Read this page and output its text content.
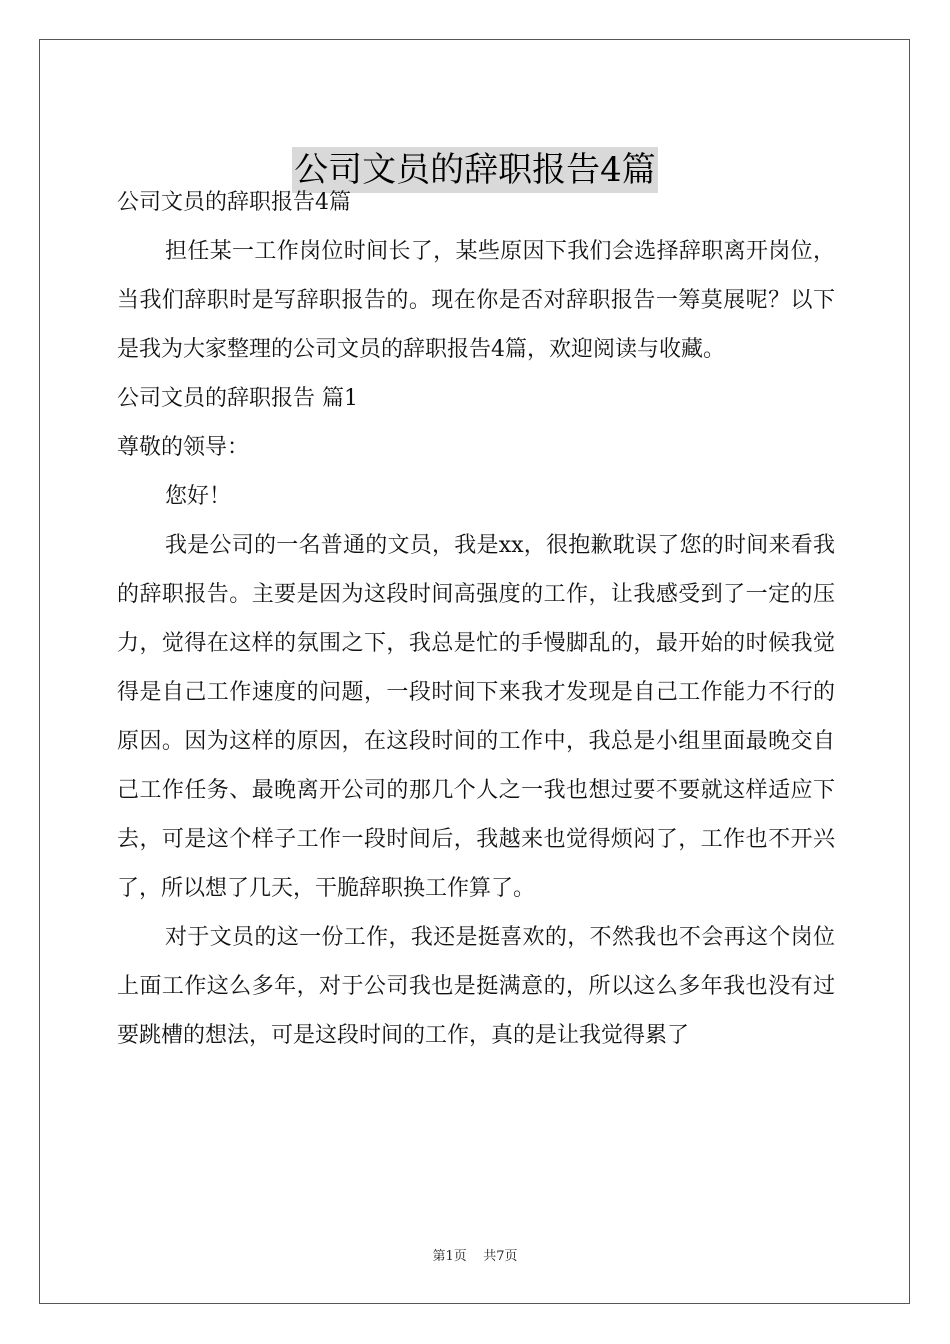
公司文员的辞职报告4篇

公司文员的辞职报告4篇

担任某一工作岗位时间长了，某些原因下我们会选择辞职离开岗位，当我们辞职时是写辞职报告的。现在你是否对辞职报告一筹莫展呢？以下是我为大家整理的公司文员的辞职报告4篇，欢迎阅读与收藏。

公司文员的辞职报告 篇1

尊敬的领导：

您好！

我是公司的一名普通的文员，我是xx，很抱歉耽误了您的时间来看我的辞职报告。主要是因为这段时间高强度的工作，让我感受到了一定的压力，觉得在这样的氛围之下，我总是忙的手慢脚乱的，最开始的时候我觉得是自己工作速度的问题，一段时间下来我才发现是自己工作能力不行的原因。因为这样的原因，在这段时间的工作中，我总是小组里面最晚交自己工作任务、最晚离开公司的那几个人之一我也想过要不要就这样适应下去，可是这个样子工作一段时间后，我越来也觉得烦闷了，工作也不开兴了，所以想了几天，干脆辞职换工作算了。

对于文员的这一份工作，我还是挺喜欢的，不然我也不会再这个岗位上面工作这么多年，对于公司我也是挺满意的，所以这么多年我也没有过要跳槽的想法，可是这段时间的工作，真的是让我觉得累了

第1页 共7页
